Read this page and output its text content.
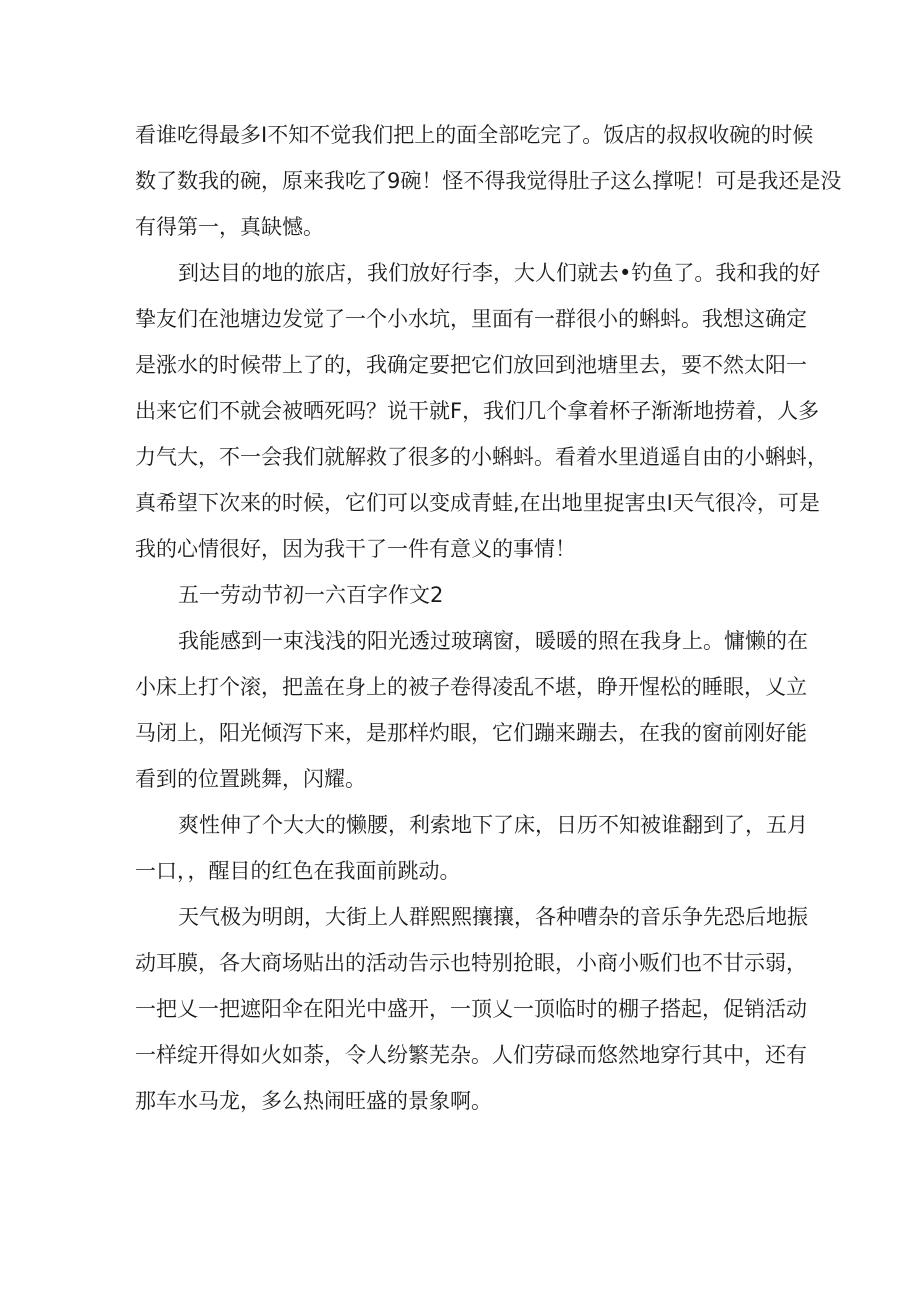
看谁吃得最多I不知不觉我们把上的面全部吃完了。饭店的叔叔收碗的时候
数了数我的碗，原来我吃了9碗！怪不得我觉得肚子这么撑呢！可是我还是没
有得第一，真缺憾。
到达目的地的旅店，我们放好行李，大人们就去•钓鱼了。我和我的好
挚友们在池塘边发觉了一个小水坑，里面有一群很小的蝌蚪。我想这确定
是涨水的时候带上了的，我确定要把它们放回到池塘里去，要不然太阳一
出来它们不就会被晒死吗？说干就F，我们几个拿着杯子渐渐地捞着，人多
力气大，不一会我们就解救了很多的小蝌蚪。看着水里逍遥自由的小蝌蚪，
真希望下次来的时候，它们可以变成青蛙,在出地里捉害虫I天气很冷，可是
我的心情很好，因为我干了一件有意义的事情！
五一劳动节初一六百字作文2
我能感到一束浅浅的阳光透过玻璃窗，暖暖的照在我身上。慵懒的在
小床上打个滚，把盖在身上的被子卷得凌乱不堪，睁开惺松的睡眼，乂立
马闭上，阳光倾泻下来，是那样灼眼，它们蹦来蹦去，在我的窗前刚好能
看到的位置跳舞，闪耀。
爽性伸了个大大的懒腰，利索地下了床，日历不知被谁翻到了，五月
一口，，醒目的红色在我面前跳动。
天气极为明朗，大街上人群熙熙攘攘，各种嘈杂的音乐争先恐后地振
动耳膜，各大商场贴出的活动告示也特别抢眼，小商小贩们也不甘示弱，
一把乂一把遮阳伞在阳光中盛开，一顶乂一顶临时的棚子搭起，促销活动
一样绽开得如火如荼，令人纷繁芜杂。人们劳碌而悠然地穿行其中，还有
那车水马龙，多么热闹旺盛的景象啊。
